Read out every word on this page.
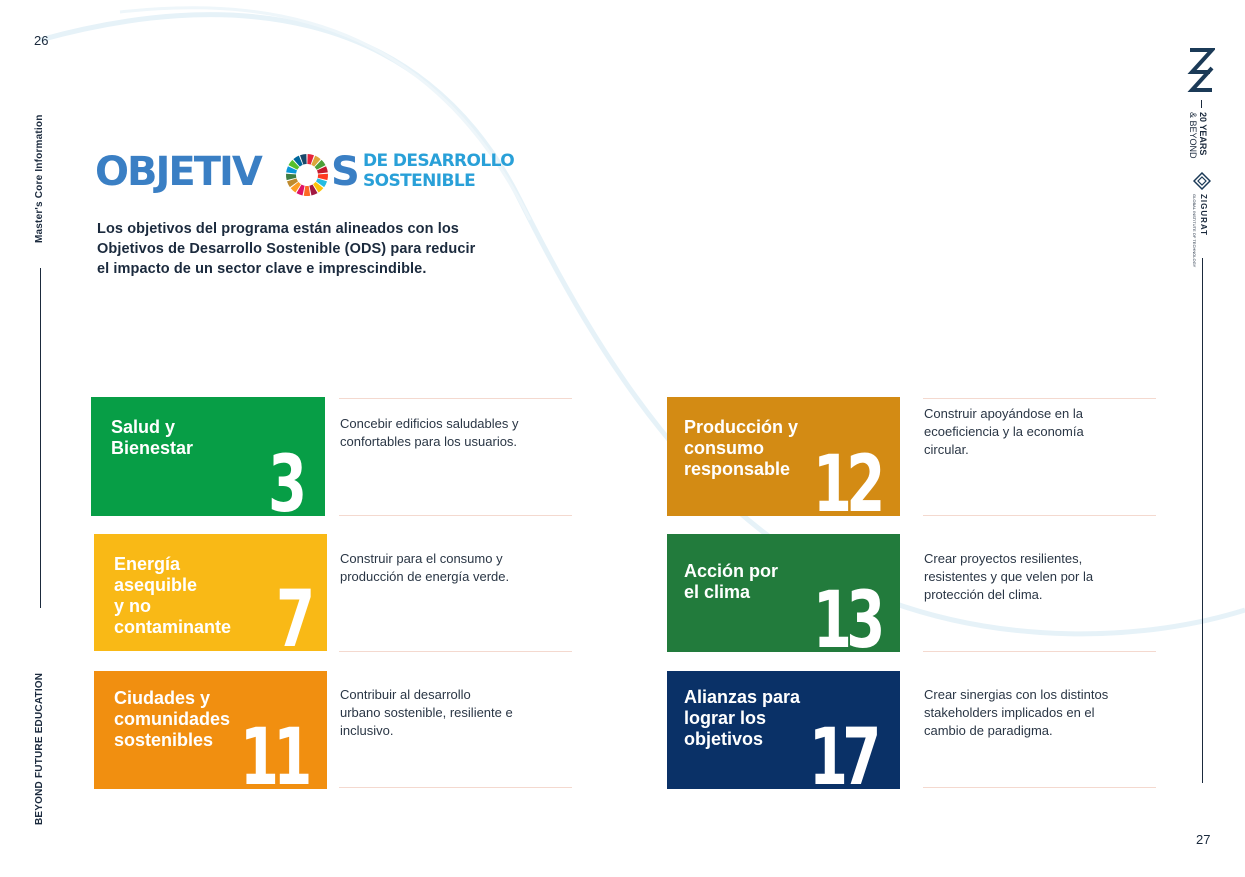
26
27
Master's Core Information
BEYOND FUTURE EDUCATION
20 YEARS
& BEYOND
ZIGURAT
GLOBAL INSTITUTE OF TECHNOLOGY
OBJETIV S DE DESARROLLO
SOSTENIBLE
Los objetivos del programa están alineados con los
Objetivos de Desarrollo Sostenible (ODS) para reducir
el impacto de un sector clave e imprescindible.
Salud y
Bienestar 3
Energía
asequible
y no
contaminante 7
Ciudades y
comunidades
sostenibles 11
Producción y
consumo
responsable 12
Acción por
el clima 13
Alianzas para
lograr los
objetivos 17
Concebir edificios saludables y
confortables para los usuarios.
Construir para el consumo y
producción de energía verde.
Contribuir al desarrollo
urbano sostenible, resiliente e
inclusivo.
Construir apoyándose en la
ecoeficiencia y la economía
circular.
Crear proyectos resilientes,
resistentes y que velen por la
protección del clima.
Crear sinergias con los distintos
stakeholders implicados en el
cambio de paradigma.
